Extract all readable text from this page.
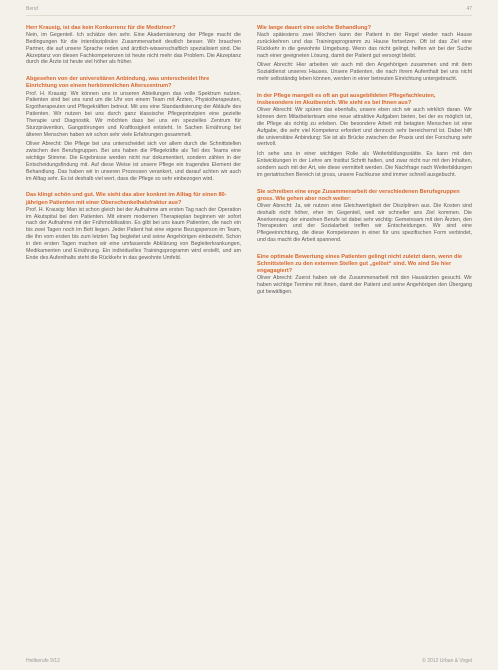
Beruf	47

Herr Krausig, ist das kein Konkurrenz für die Mediziner?

Nein, im Gegenteil. Ich schätze den sehr. Eine Akademisierung der Pflege macht die Bedingungen für die interdisziplinäre Zusammenarbeit deutlich besser. Wir brauchen Partner, die auf unsere Sprache reden und ärztlich-wissenschaftlich spezialisiert sind. Die Akzeptanz von diesen Fachkompetenzen ist heute nicht mehr das Problem. Die Akzeptanz durch die Ärzte ist heute viel höher als früher.

Abgesehen von der universitären Anbindung, was unterscheidet Ihre Einrichtung von einem herkömmlichen Alterszentrum?

Prof. H. Krausig: Wir können uns in unseren Abteilungen das volle Spektrum nutzen. Patienten sind bei uns rund um die Uhr von einem Team mit Ärzten, Physiotherapeuten, Ergotherapeuten und Pflegekräften betreut. Mit uns eine Standardisierung der Abläufe des Patienten. Wir nutzen bei uns durch ganz klassische Pflegeprinzipien eine gezielte Therapie und Diagnostik. Wir möchten dass bei uns ein spezielles Zentrum für Sturzprävention, Gangstörungen und Kraftlosigkeit entsteht. In Sachen Ernährung bei älteren Menschen haben wir schon sehr viele Erfahrungen gesammelt.

Oliver Abrecht: Die Pflege bei uns unterscheidet sich vor allem durch die Schnittstellen zwischen den Berufsgruppen. Bei uns haben die Pflegekräfte als Teil des Teams eine wichtige Stimme. Die Ergebnisse werden nicht nur dokumentiert, sondern zählen in der Entscheidungsfindung mit. Auf diese Weise ist unsere Pflege ein tragendes Element der Behandlung. Das haben wir in unseren Prozessen verankert, und darauf achten wir auch im Alltag sehr. Es ist deshalb viel wert, dass die Pflege so sehr einbezogen wird.

Das klingt schön und gut. Wie sieht das aber konkret im Alltag für einen 80-jährigen Patienten mit einer Oberschenkelhalsfraktur aus?

Prof. H. Krausig: Man ist schon gleich bei der Aufnahme am ersten Tag nach der Operation im Akutspital bei den Patienten. Mit einem modernen Therapieplan beginnen wir sofort nach der Aufnahme mit der Frühmobilisation. Es gibt bei uns kaum Patienten, die nach ein bis zwei Tagen noch im Bett liegen. Jeder Patient hat eine eigene Bezugsperson im Team, die ihn vom ersten bis zum letzten Tag begleitet und seine Angehörigen einbezieht. Schon in den ersten Tagen machen wir eine umfassende Abklärung von Begleiterkrankungen, Medikamenten und Ernährung. Ein individuelles Trainingsprogramm wird erstellt, und am Ende des Aufenthalts steht die Rückkehr in das gewohnte Umfeld.

Wie lange dauert eine solche Behandlung?

Nach spätestens zwei Wochen kann der Patient in der Regel wieder nach Hause zurückkehren und das Trainingsprogramm zu Hause fortsetzen. Oft ist das Ziel eine Rückkehr in die gewohnte Umgebung. Wenn das nicht gelingt, helfen wir bei der Suche nach einer geeigneten Lösung, damit der Patient gut versorgt bleibt.

Oliver Abrecht: Hier arbeiten wir auch mit den Angehörigen zusammen und mit dem Sozialdienst unseres Hauses. Unsere Patienten, die nach ihrem Aufenthalt bei uns nicht mehr selbständig leben können, werden in einer betreuten Einrichtung untergebracht.

In der Pflege mangelt es oft an gut ausgebildeten Pflegefachleuten, insbesondere im Akutbereich. Wie sieht es bei Ihnen aus?

Oliver Abrecht: Wir spüren das ebenfalls, unsere eben sich wir auch wirklich daran. Wir können dem Mitarbeiterteam eine neue attraktive Aufgaben bieten, bei der es möglich ist, die Pflege als richtig zu erleben. Die besondere Arbeit mit betagten Menschen ist eine Aufgabe, die sehr viel Kompetenz erfordert und dennoch sehr bereichernd ist. Dabei hilft die universitäre Anbindung: Sie ist als Brücke zwischen der Praxis und der Forschung sehr wertvoll.

Ich sehe uns in einer wichtigen Rolle als Weiterbildungsstätte. Es kann mit den Entwicklungen in der Lehre am Institut Schritt halten, und zwar nicht nur mit den Inhalten, sondern auch mit der Art, wie diese vermittelt werden. Die Nachfrage nach Weiterbildungen im geriatrischen Bereich ist gross, unsere Fachkurse sind immer schnell ausgebucht.

Sie schreiben eine enge Zusammenarbeit der verschiedenen Berufsgruppen gross. Wie gehen aber noch weiter:

Oliver Abrecht: Ja, wir nutzen eine Gleichwertigkeit der Disziplinen aus. Die Kosten sind deshalb nicht höher, eher im Gegenteil, weil wir schneller ans Ziel kommen. Die Anerkennung der einzelnen Berufe ist dabei sehr wichtig: Gemeinsam mit den Ärzten, den Therapeuten und der Sozialarbeit treffen wir Entscheidungen. Wir sind eine Pflegeeinrichtung, die diese Kompetenzen in einer für uns spezifischen Form verbindet, und das macht die Arbeit spannend.

Eine optimale Bewertung eines Patienten gelingt nicht zuletzt dann, wenn die Schnittstellen zu den externen Stellen gut „gelöst“ sind. Wo sind Sie hier engagagiert?

Oliver Abrecht: Zuerst haben wir die Zusammenarbeit mit den Hausärzten gesucht. Wir haben wichtige Termine mit ihnen, damit der Patient und seine Angehörigen den Übergang gut bewältigen.

Heilberufe 9/12	© 2012 Urban & Vogel
